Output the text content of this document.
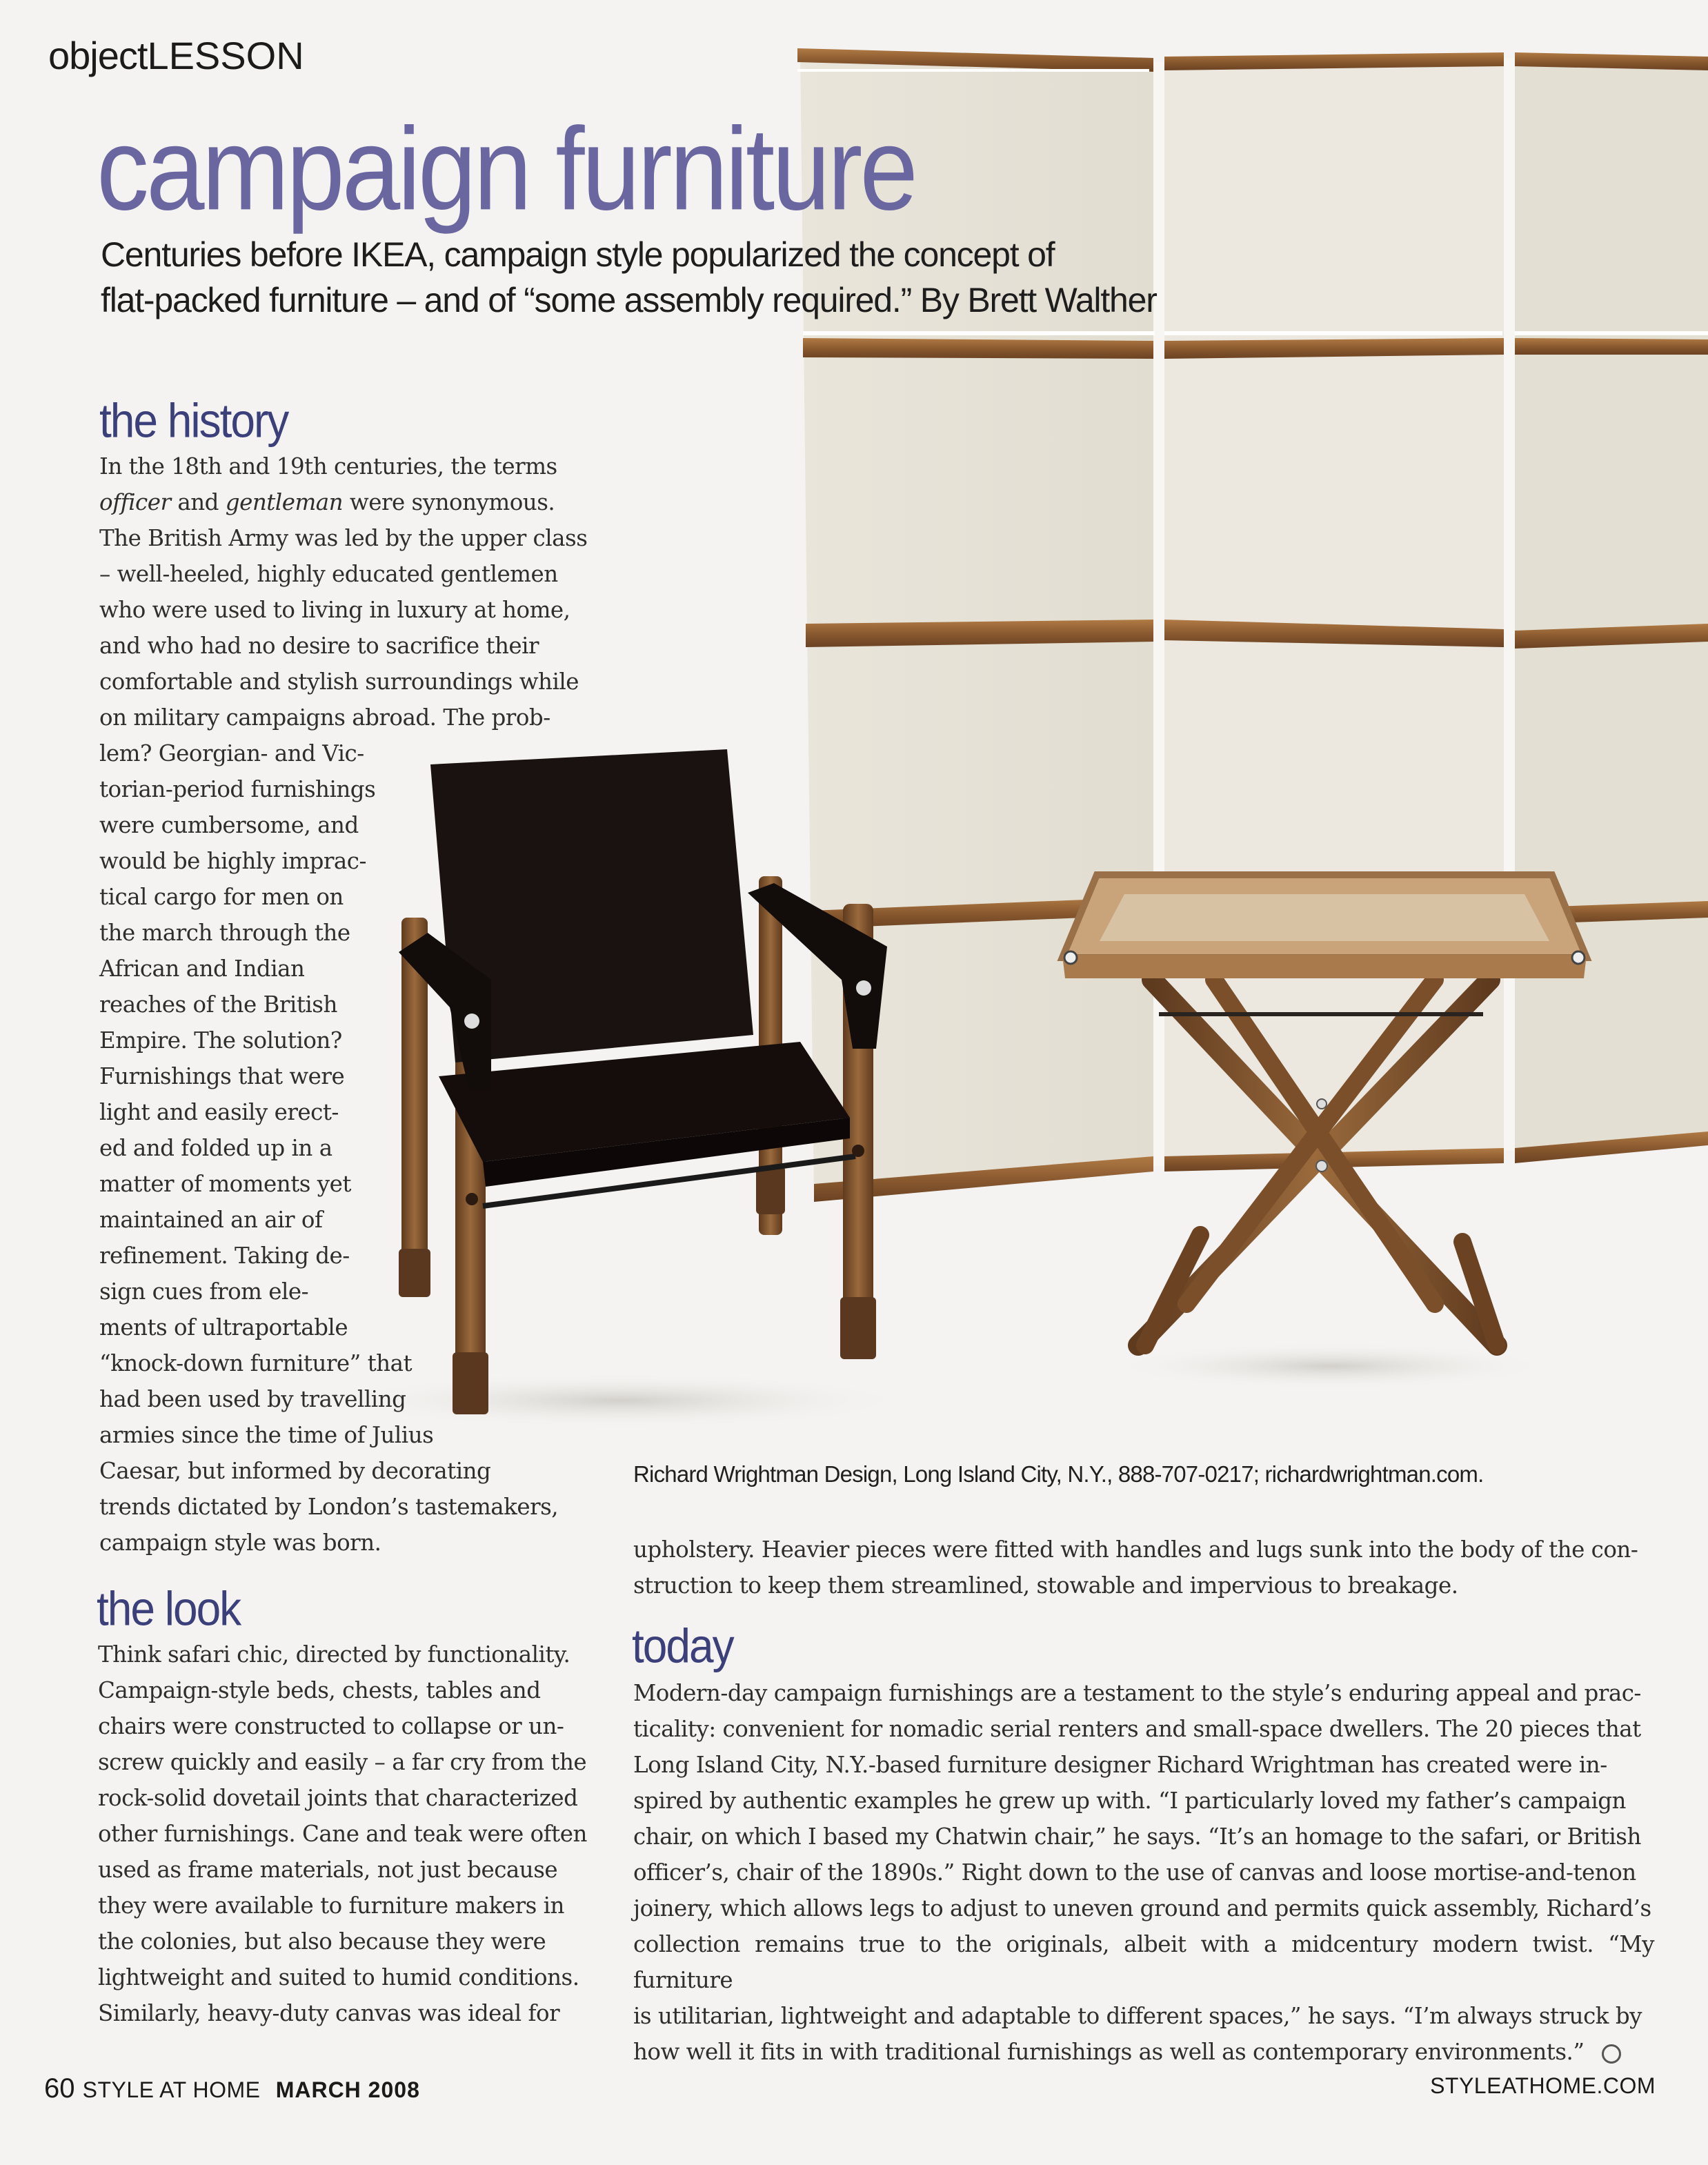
objectLESSON
campaign furniture
Centuries before IKEA, campaign style popularized the concept of
flat-packed furniture – and of “some assembly required.” By Brett Walther
the history
In the 18th and 19th centuries, the terms
officer and gentleman were synonymous.
The British Army was led by the upper class
– well-heeled, highly educated gentlemen
who were used to living in luxury at home,
and who had no desire to sacrifice their
comfortable and stylish surroundings while
on military campaigns abroad. The prob-
lem? Georgian- and Vic-
torian-period furnishings
were cumbersome, and
would be highly imprac-
tical cargo for men on
the march through the
African and Indian
reaches of the British
Empire. The solution?
Furnishings that were
light and easily erect-
ed and folded up in a
matter of moments yet
maintained an air of
refinement. Taking de-
sign cues from ele-
ments of ultraportable
“knock-down furniture” that
had been used by travelling
armies since the time of Julius
Caesar, but informed by decorating
trends dictated by London’s tastemakers,
campaign style was born.
the look
Think safari chic, directed by functionality.
Campaign-style beds, chests, tables and
chairs were constructed to collapse or un-
screw quickly and easily – a far cry from the
rock-solid dovetail joints that characterized
other furnishings. Cane and teak were often
used as frame materials, not just because
they were available to furniture makers in
the colonies, but also because they were
lightweight and suited to humid conditions.
Similarly, heavy-duty canvas was ideal for
Richard Wrightman Design, Long Island City, N.Y., 888-707-0217; richardwrightman.com.
upholstery. Heavier pieces were fitted with handles and lugs sunk into the body of the con-
struction to keep them streamlined, stowable and impervious to breakage.
today
Modern-day campaign furnishings are a testament to the style’s enduring appeal and prac-
ticality: convenient for nomadic serial renters and small-space dwellers. The 20 pieces that
Long Island City, N.Y.-based furniture designer Richard Wrightman has created were in-
spired by authentic examples he grew up with. “I particularly loved my father’s campaign
chair, on which I based my Chatwin chair,” he says. “It’s an homage to the safari, or British
officer’s, chair of the 1890s.” Right down to the use of canvas and loose mortise-and-tenon
joinery, which allows legs to adjust to uneven ground and permits quick assembly, Richard’s
collection remains true to the originals, albeit with a midcentury modern twist. “My furniture
is utilitarian, lightweight and adaptable to different spaces,” he says. “I’m always struck by
how well it fits in with traditional furnishings as well as contemporary environments.”
60 STYLE AT HOME MARCH 2008	STYLEATHOME.COM
